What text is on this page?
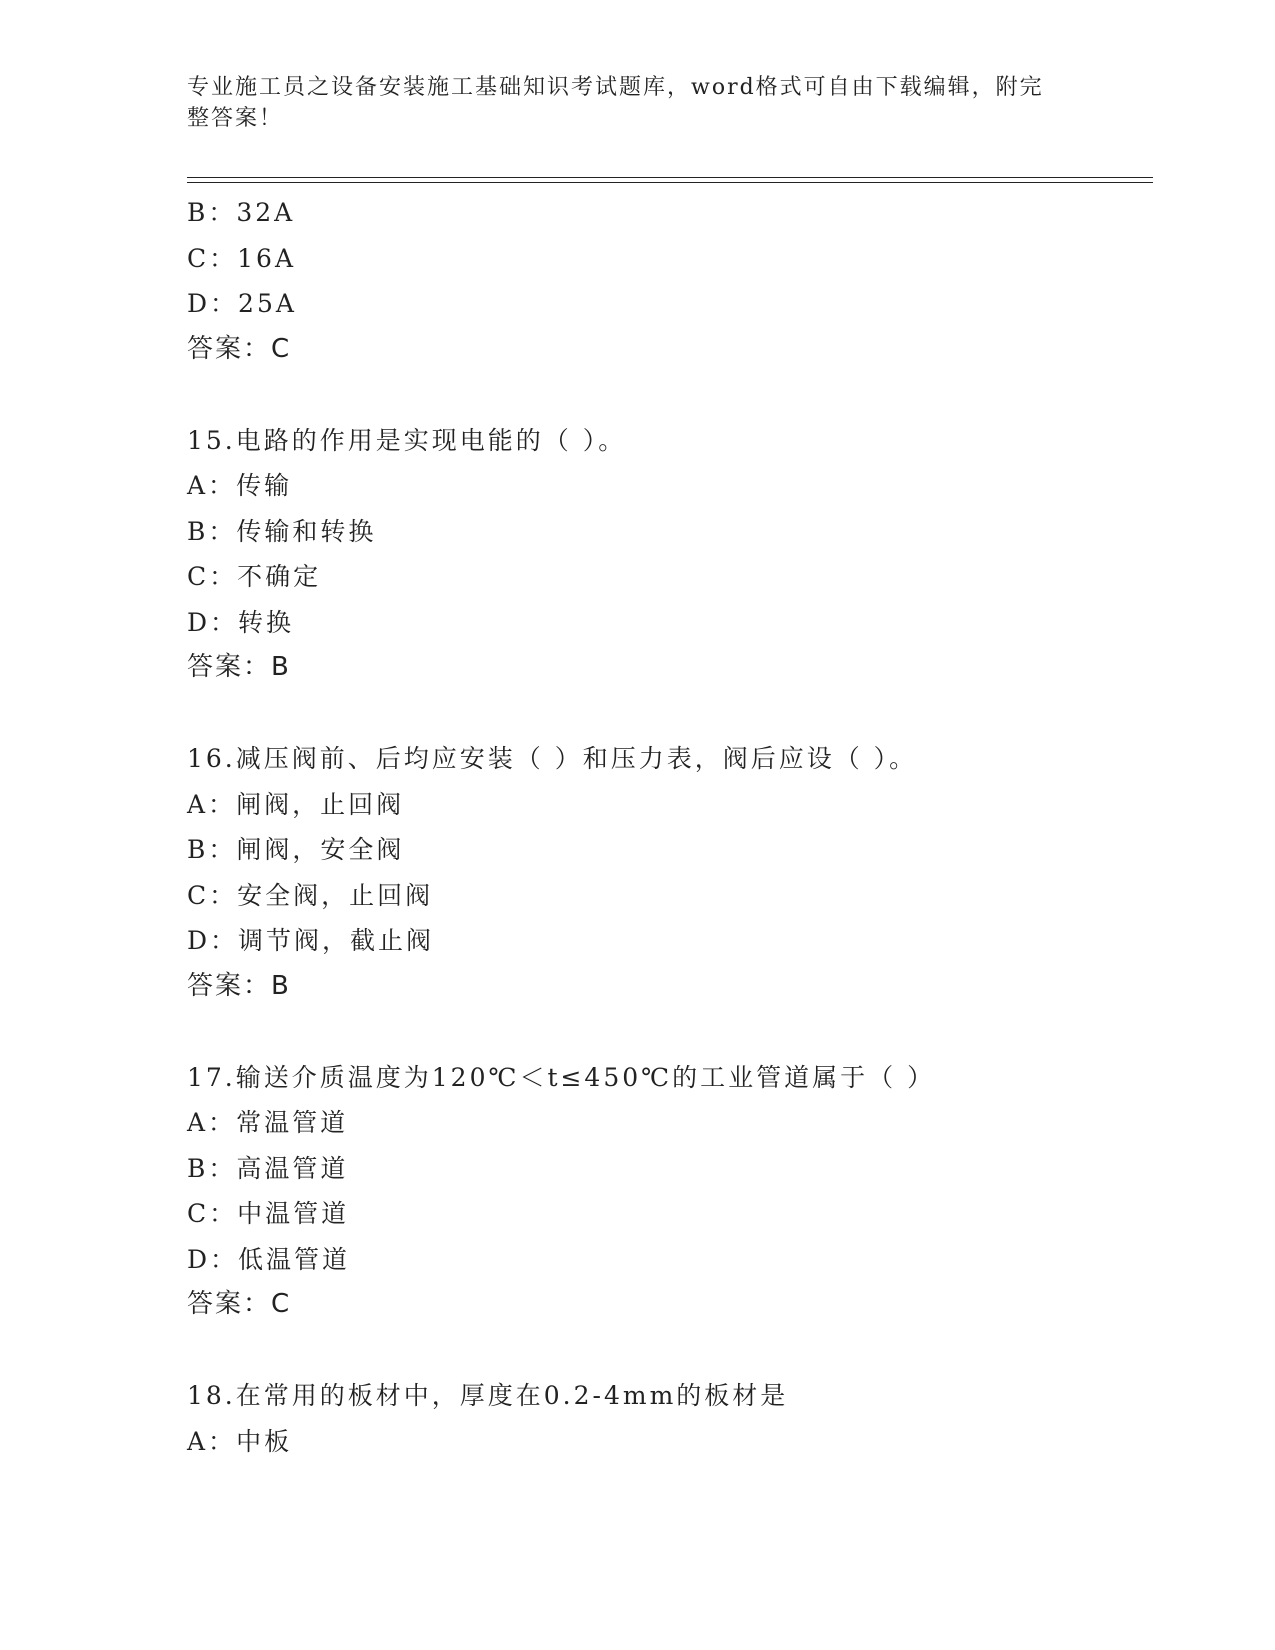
专业施工员之设备安装施工基础知识考试题库，word格式可自由下载编辑，附完
整答案！
B：32A
C：16A
D：25A
答案：C
15.电路的作用是实现电能的（ ）。
A：传输
B：传输和转换
C：不确定
D：转换
答案：B
16.减压阀前、后均应安装（ ）和压力表，阀后应设（ ）。
A：闸阀，止回阀
B：闸阀，安全阀
C：安全阀，止回阀
D：调节阀，截止阀
答案：B
17.输送介质温度为120℃＜t≤450℃的工业管道属于（ ）
A：常温管道
B：高温管道
C：中温管道
D：低温管道
答案：C
18.在常用的板材中，厚度在0.2-4mm的板材是
A：中板
